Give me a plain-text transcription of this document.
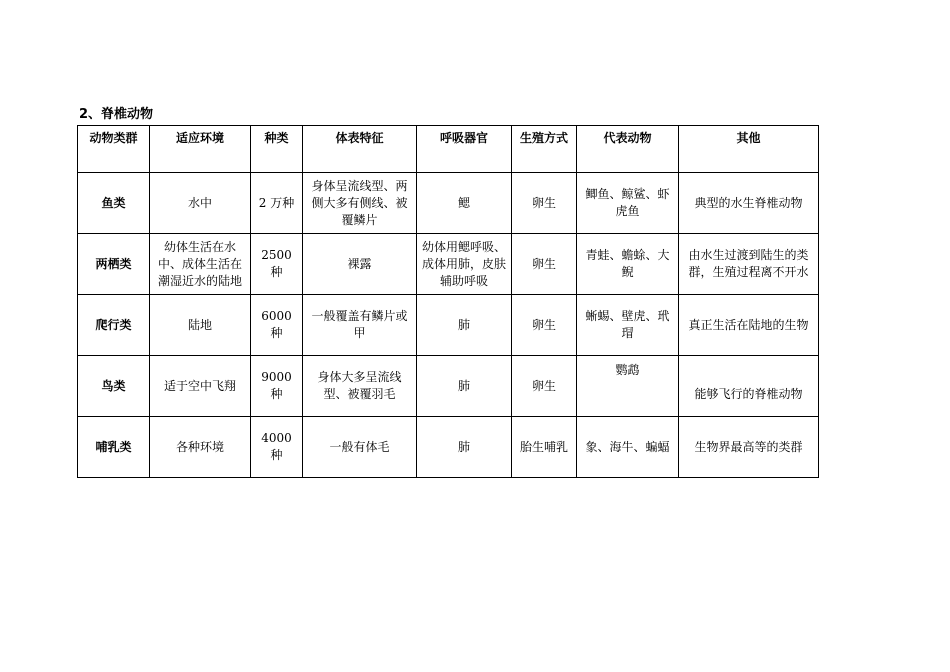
2、脊椎动物
动物类群	适应环境	种类	体表特征	呼吸器官	生殖方式	代表动物	其他
鱼类	水中	2 万种	身体呈流线型、两侧大多有侧线、被覆鳞片	鳃	卵生	鲫鱼、鲸鲨、虾虎鱼	典型的水生脊椎动物
两栖类	幼体生活在水中、成体生活在潮湿近水的陆地	2500 种	裸露	幼体用鳃呼吸、成体用肺，皮肤辅助呼吸	卵生	青蛙、蟾蜍、大鲵	由水生过渡到陆生的类群，生殖过程离不开水
爬行类	陆地	6000 种	一般覆盖有鳞片或甲	肺	卵生	蜥蜴、壁虎、玳瑁	真正生活在陆地的生物
鸟类	适于空中飞翔	9000 种	身体大多呈流线型、被覆羽毛	肺	卵生	鹦鹉	能够飞行的脊椎动物
哺乳类	各种环境	4000 种	一般有体毛	肺	胎生哺乳	象、海牛、蝙蝠	生物界最高等的类群
